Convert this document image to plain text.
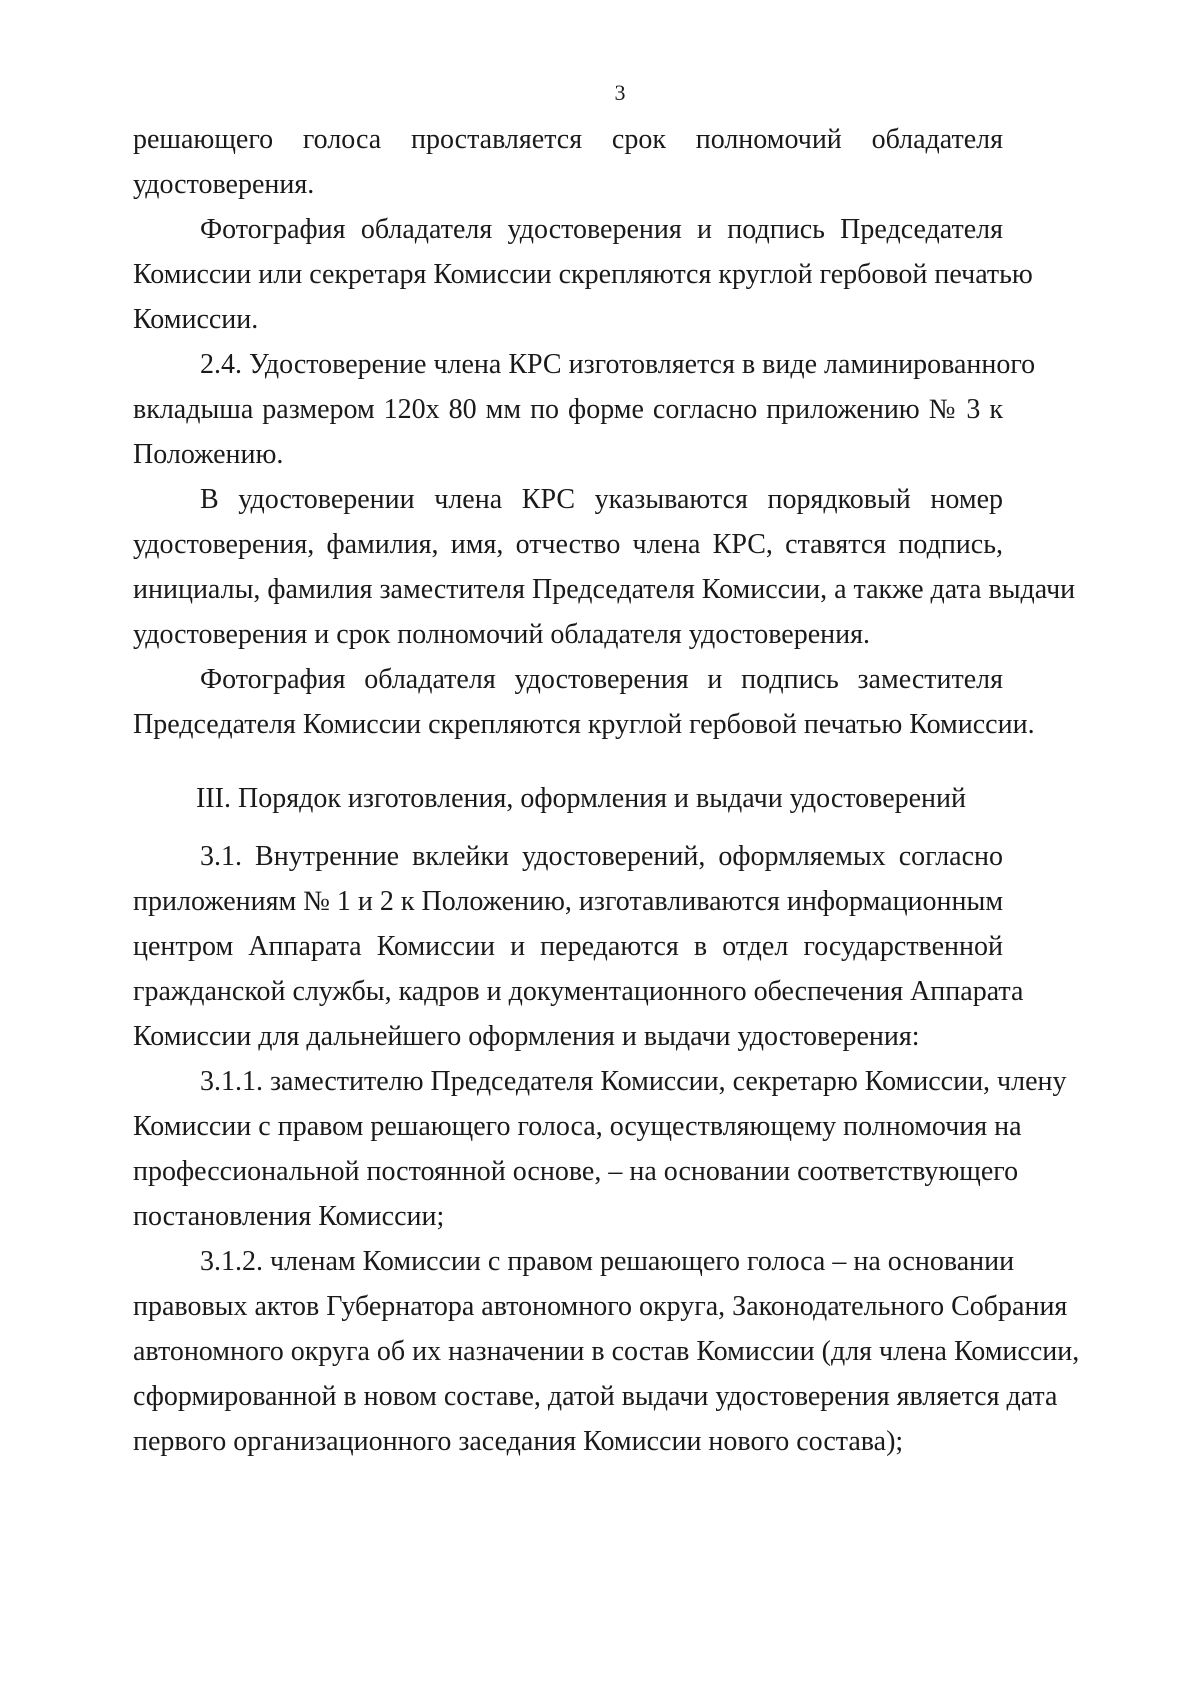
3

решающего голоса проставляется срок полномочий обладателя

удостоверения.

Фотография обладателя удостоверения и подпись Председателя

Комиссии или секретаря Комиссии скрепляются круглой гербовой печатью

Комиссии.

2.4. Удостоверение члена КРС изготовляется в виде ламинированного

вкладыша размером 120х 80 мм по форме согласно приложению № 3 к

Положению.

В удостоверении члена КРС указываются порядковый номер

удостоверения, фамилия, имя, отчество члена КРС, ставятся подпись,

инициалы, фамилия заместителя Председателя Комиссии, а также дата выдачи

удостоверения и срок полномочий обладателя удостоверения.

Фотография обладателя удостоверения и подпись заместителя

Председателя Комиссии скрепляются круглой гербовой печатью Комиссии.

III. Порядок изготовления, оформления и выдачи удостоверений

3.1. Внутренние вклейки удостоверений, оформляемых согласно

приложениям № 1 и 2 к Положению, изготавливаются информационным

центром Аппарата Комиссии и передаются в отдел государственной

гражданской службы, кадров и документационного обеспечения Аппарата

Комиссии для дальнейшего оформления и выдачи удостоверения:

3.1.1. заместителю Председателя Комиссии, секретарю Комиссии, члену

Комиссии с правом решающего голоса, осуществляющему полномочия на

профессиональной постоянной основе, – на основании соответствующего

постановления Комиссии;

3.1.2. членам Комиссии с правом решающего голоса – на основании

правовых актов Губернатора автономного округа, Законодательного Собрания

автономного округа об их назначении в состав Комиссии (для члена Комиссии,

сформированной в новом составе, датой выдачи удостоверения является дата

первого организационного заседания Комиссии нового состава);
